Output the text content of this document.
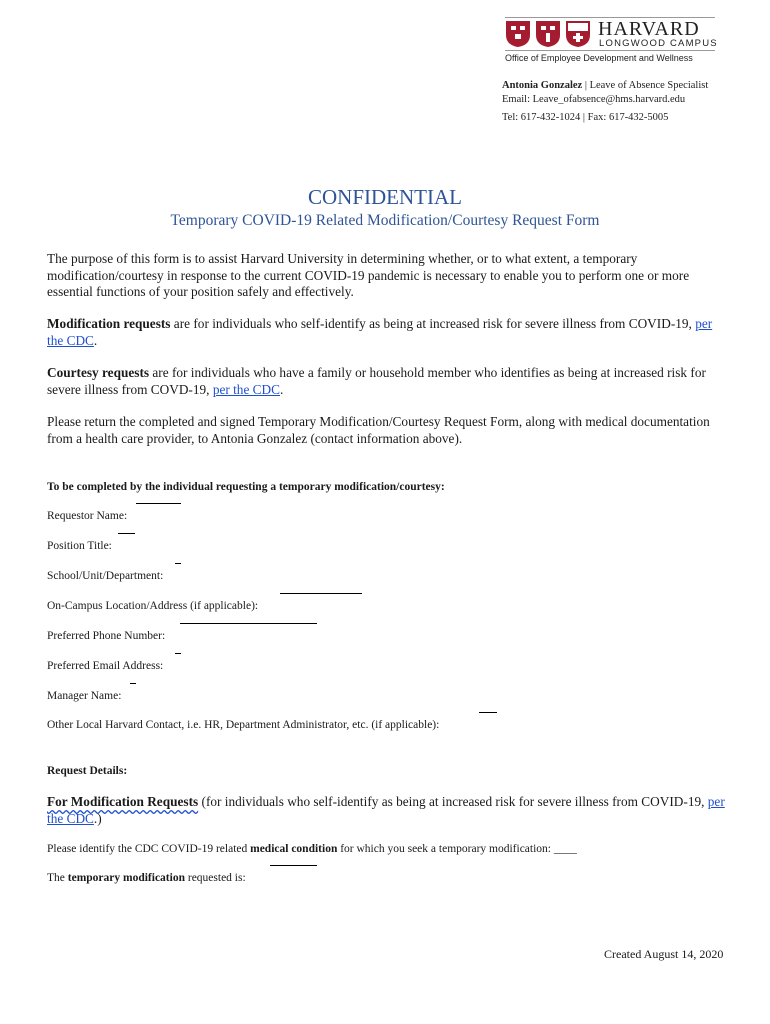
HARVARD
LONGWOOD CAMPUS
Office of Employee Development and Wellness
Antonia Gonzalez | Leave of Absence Specialist
Email: Leave_ofabsence@hms.harvard.edu
Tel: 617-432-1024 | Fax: 617-432-5005
CONFIDENTIAL
Temporary COVID-19 Related Modification/Courtesy Request Form
The purpose of this form is to assist Harvard University in determining whether, or to what extent, a temporary modification/courtesy in response to the current COVID-19 pandemic is necessary to enable you to perform one or more essential functions of your position safely and effectively.
Modification requests are for individuals who self-identify as being at increased risk for severe illness from COVID-19, per the CDC.
Courtesy requests are for individuals who have a family or household member who identifies as being at increased risk for severe illness from COVD-19, per the CDC.
Please return the completed and signed Temporary Modification/Courtesy Request Form, along with medical documentation from a health care provider, to Antonia Gonzalez (contact information above).
To be completed by the individual requesting a temporary modification/courtesy:
Requestor Name:
Position Title:
School/Unit/Department:
On-Campus Location/Address (if applicable):
Preferred Phone Number:
Preferred Email Address:
Manager Name:
Other Local Harvard Contact, i.e. HR, Department Administrator, etc. (if applicable):
Request Details:
For Modification Requests (for individuals who self-identify as being at increased risk for severe illness from COVID-19, per the CDC.)
Please identify the CDC COVID-19 related medical condition for which you seek a temporary modification: ____
The temporary modification requested is:
Created August 14, 2020
